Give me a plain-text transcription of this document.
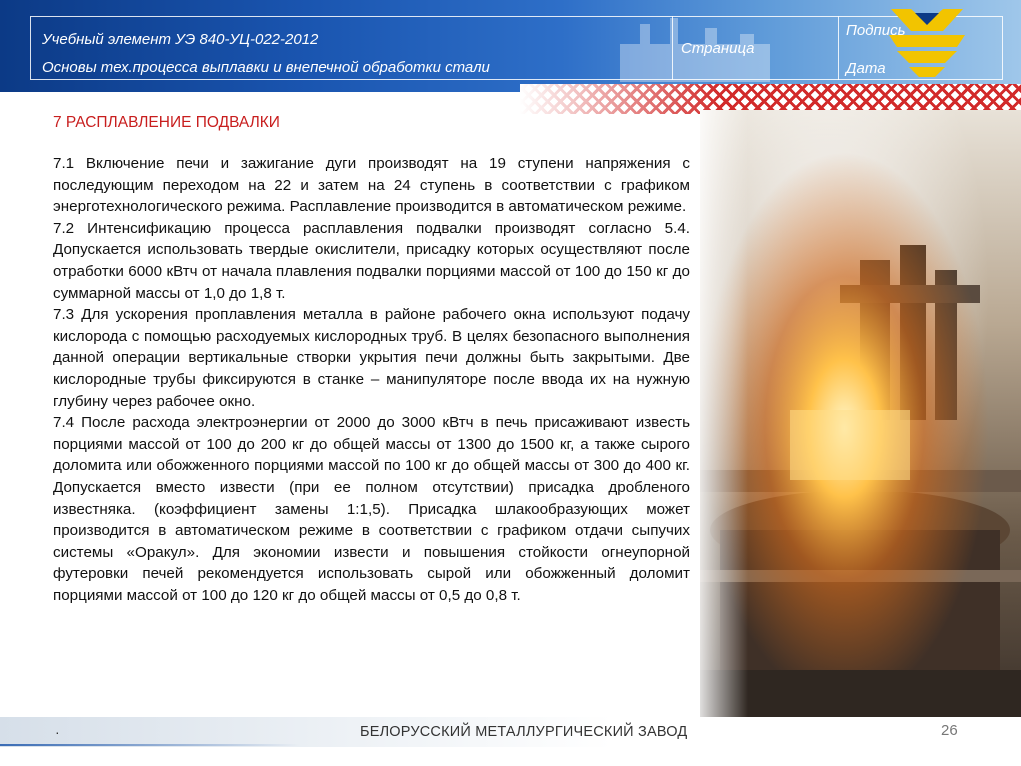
Учебный элемент УЭ 840-УЦ-022-2012
Основы тех.процесса выплавки и внепечной обработки стали
Страница
Дата
Подпись
7 РАСПЛАВЛЕНИЕ ПОДВАЛКИ

7.1 Включение печи и зажигание дуги производят на 19 ступени напряжения с последующим переходом на 22 и затем на 24 ступень в соответствии с графиком энерготехнологического режима. Расплавление производится в автоматическом режиме.

7.2 Интенсификацию процесса расплавления подвалки производят согласно 5.4. Допускается использовать твердые окислители, присадку которых осуществляют после отработки 6000 кВтч от начала плавления подвалки порциями массой от 100 до 150 кг до суммарной массы от 1,0 до 1,8 т.

7.3 Для ускорения проплавления металла в районе рабочего окна используют подачу кислорода с помощью расходуемых кислородных труб. В целях безопасного выполнения данной операции вертикальные створки укрытия печи должны быть закрытыми. Две кислородные трубы фиксируются в станке – манипуляторе после ввода их на нужную глубину через рабочее окно.

7.4 После расхода электроэнергии от 2000 до 3000 кВтч в печь присаживают известь порциями массой от 100 до 200 кг до общей массы от 1300 до 1500 кг, а также сырого доломита или обожженного порциями массой по 100 кг до общей массы от 300 до 400 кг. Допускается вместо извести (при ее полном отсутствии) присадка дробленого известняка. (коэффициент замены 1:1,5). Присадка шлакообразующих может производится в автоматическом режиме в соответствии с графиком отдачи сыпучих системы «Оракул». Для экономии извести и повышения стойкости огнеупорной футеровки печей рекомендуется использовать сырой или обожженный доломит порциями массой от 100 до 120 кг до общей массы от 0,5 до 0,8 т.

·	БЕЛОРУССКИЙ МЕТАЛЛУРГИЧЕСКИЙ ЗАВОД	26
